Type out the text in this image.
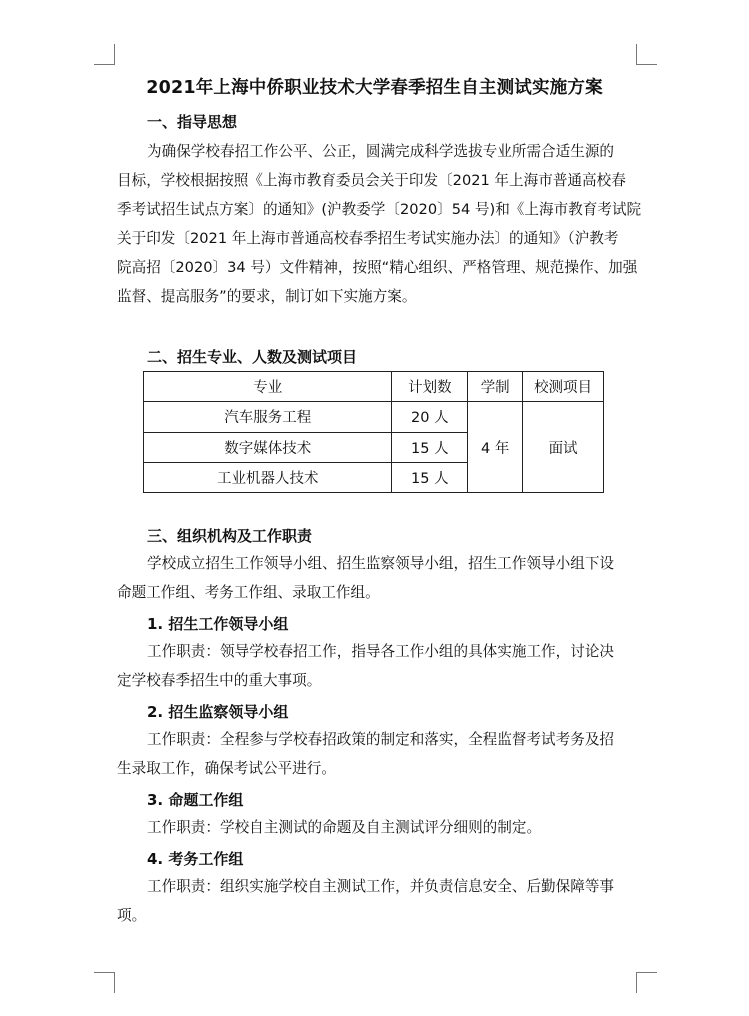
2021年上海中侨职业技术大学春季招生自主测试实施方案
一、指导思想
为确保学校春招工作公平、公正，圆满完成科学选拔专业所需合适生源的
目标，学校根据按照《上海市教育委员会关于印发〔2021 年上海市普通高校春
季考试招生试点方案〕的通知》(沪教委学〔2020〕54 号)和《上海市教育考试院
关于印发〔2021 年上海市普通高校春季招生考试实施办法〕的通知》（沪教考
院高招〔2020〕34 号）文件精神，按照“精心组织、严格管理、规范操作、加强
监督、提高服务”的要求，制订如下实施方案。
二、招生专业、人数及测试项目
专业	计划数	学制	校测项目
汽车服务工程	20 人	4 年	面试
数字媒体技术	15 人		
工业机器人技术	15 人		
三、组织机构及工作职责
学校成立招生工作领导小组、招生监察领导小组，招生工作领导小组下设
命题工作组、考务工作组、录取工作组。
1. 招生工作领导小组
工作职责：领导学校春招工作，指导各工作小组的具体实施工作，讨论决
定学校春季招生中的重大事项。
2. 招生监察领导小组
工作职责：全程参与学校春招政策的制定和落实，全程监督考试考务及招
生录取工作，确保考试公平进行。
3. 命题工作组
工作职责：学校自主测试的命题及自主测试评分细则的制定。
4. 考务工作组
工作职责：组织实施学校自主测试工作，并负责信息安全、后勤保障等事
项。
